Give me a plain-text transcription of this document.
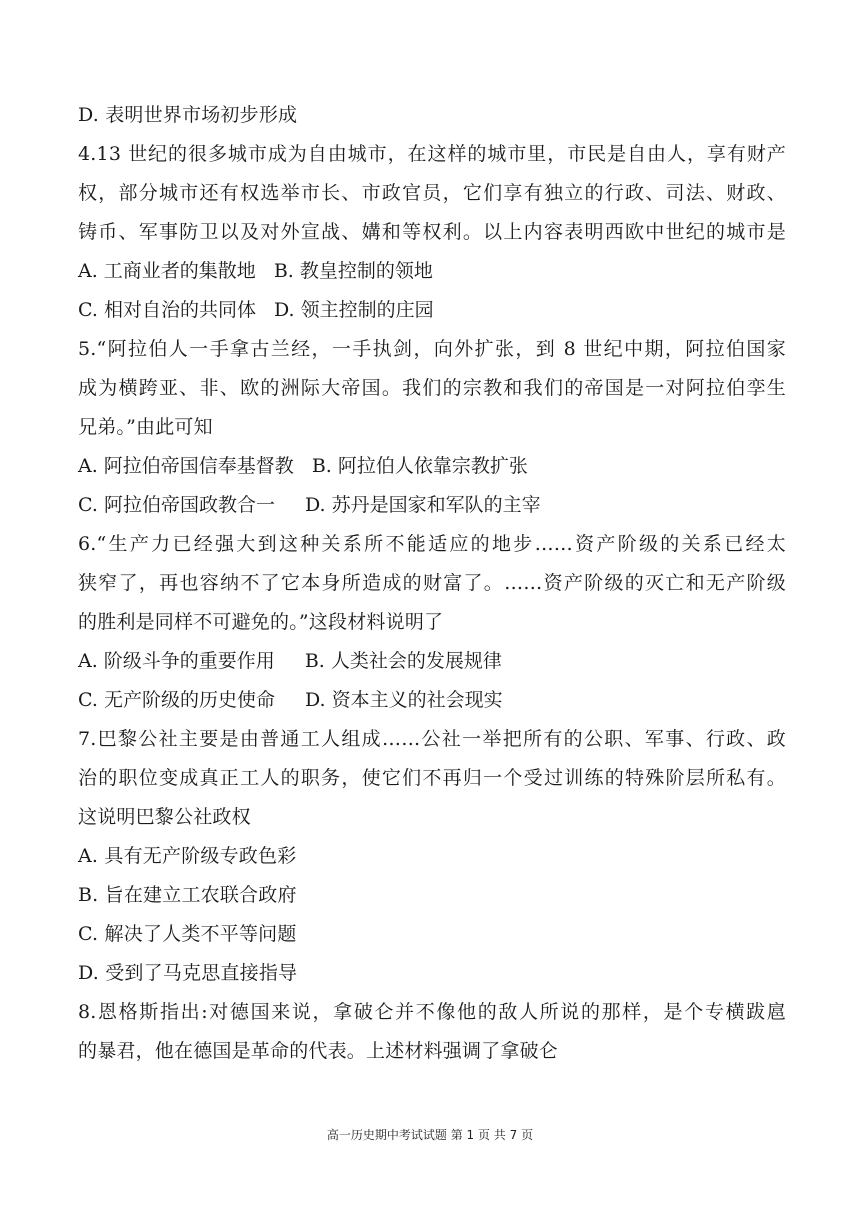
D. 表明世界市场初步形成
4.13 世纪的很多城市成为自由城市，在这样的城市里，市民是自由人，享有财产
权，部分城市还有权选举市长、市政官员，它们享有独立的行政、司法、财政、
铸币、军事防卫以及对外宣战、媾和等权利。以上内容表明西欧中世纪的城市是
A. 工商业者的集散地 B. 教皇控制的领地
C. 相对自治的共同体 D. 领主控制的庄园
5.“阿拉伯人一手拿古兰经，一手执剑，向外扩张，到 8 世纪中期，阿拉伯国家
成为横跨亚、非、欧的洲际大帝国。我们的宗教和我们的帝国是一对阿拉伯孪生
兄弟。”由此可知
A. 阿拉伯帝国信奉基督教 B. 阿拉伯人依靠宗教扩张
C. 阿拉伯帝国政教合一 D. 苏丹是国家和军队的主宰
6.“生产力已经强大到这种关系所不能适应的地步……资产阶级的关系已经太
狭窄了，再也容纳不了它本身所造成的财富了。……资产阶级的灭亡和无产阶级
的胜利是同样不可避免的。”这段材料说明了
A. 阶级斗争的重要作用 B. 人类社会的发展规律
C. 无产阶级的历史使命 D. 资本主义的社会现实
7.巴黎公社主要是由普通工人组成……公社一举把所有的公职、军事、行政、政
治的职位变成真正工人的职务，使它们不再归一个受过训练的特殊阶层所私有。
这说明巴黎公社政权
A. 具有无产阶级专政色彩
B. 旨在建立工农联合政府
C. 解决了人类不平等问题
D. 受到了马克思直接指导
8.恩格斯指出:对德国来说，拿破仑并不像他的敌人所说的那样，是个专横跋扈
的暴君，他在德国是革命的代表。上述材料强调了拿破仑
高一历史期中考试试题 第 1 页 共 7 页
